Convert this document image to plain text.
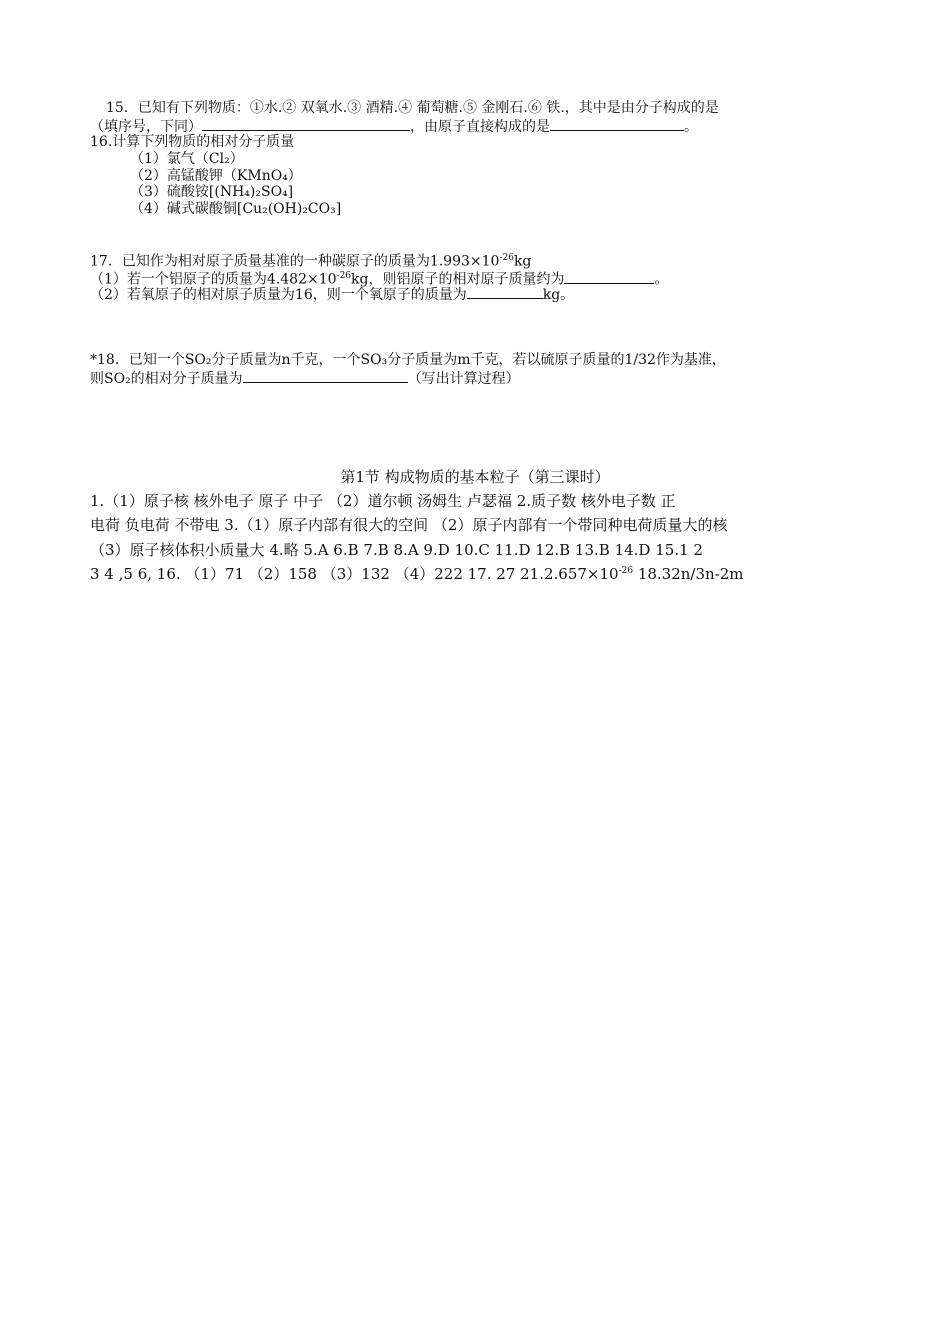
15．已知有下列物质：①水.② 双氧水.③ 酒精.④ 葡萄糖.⑤ 金刚石.⑥ 铁.，其中是由分子构成的是
（填序号，下同）	，由原子直接构成的是	。
16.计算下列物质的相对分子质量
（1）氯气（Cl₂）
（2）高锰酸钾（KMnO₄）
（3）硫酸铵[(NH₄)₂SO₄]
（4）碱式碳酸铜[Cu₂(OH)₂CO₃]
17．已知作为相对原子质量基准的一种碳原子的质量为$1.993\times 10^{-26}kg$
（1）若一个铝原子的质量为$4.482\times 10^{-26}kg$，则铝原子的相对原子质量约为	。
（2）若氧原子的相对原子质量为16，则一个氧原子的质量为	kg。
*18．已知一个SO₂分子质量为n千克，一个SO₃分子质量为m千克，若以硫原子质量的1/32作为基准，
则SO₂的相对分子质量为	（写出计算过程）
第1节 构成物质的基本粒子（第三课时）
1.（1）原子核 核外电子 原子 中子 （2）道尔顿 汤姆生 卢瑟福 2.质子数 核外电子数 正
电荷 负电荷 不带电 3.（1）原子内部有很大的空间 （2）原子内部有一个带同种电荷质量大的核
（3）原子核体积小质量大 4.略 5.A 6.B 7.B 8.A 9.D 10.C 11.D 12.B 13.B 14.D 15.1 2
3 4 ,5 6, 16. （1）71 （2）158 （3）132 （4）222 17. 27 $21.2.657\times 10^{-26}$ 18.32n/3n-2m
